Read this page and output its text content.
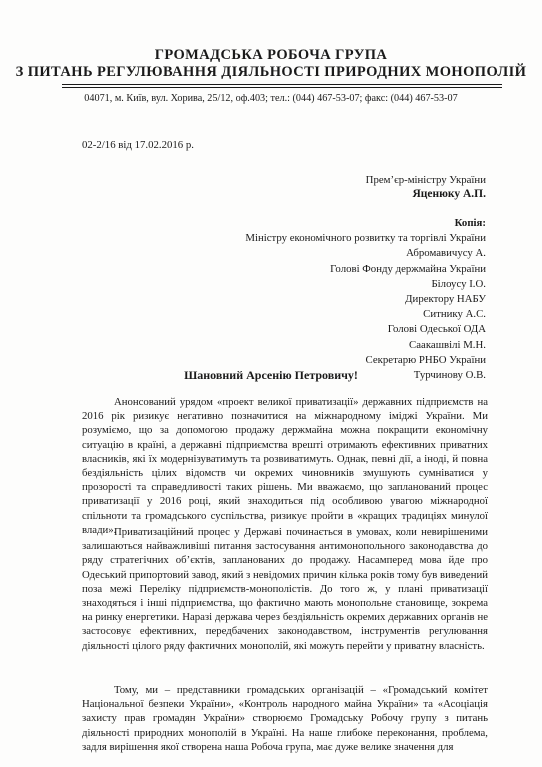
ГРОМАДСЬКА РОБОЧА ГРУПА
З ПИТАНЬ РЕГУЛЮВАННЯ ДІЯЛЬНОСТІ ПРИРОДНИХ МОНОПОЛІЙ
04071, м. Київ, вул. Хорива, 25/12, оф.403; тел.: (044) 467-53-07; факс: (044) 467-53-07
02-2/16 від 17.02.2016 р.
Прем’єр-міністру України
Яценюку А.П.
Копія:
Міністру економічного розвитку та торгівлі України
Абромавичусу А.
Голові Фонду держмайна України
Білоусу І.О.
Директору НАБУ
Ситнику А.С.
Голові Одеської ОДА
Саакашвілі М.Н.
Секретарю РНБО України
Турчинову О.В.
Шановний Арсенію Петровичу!

Анонсований урядом «проект великої приватизації» державних підприємств на 2016 рік ризикує негативно позначитися на міжнародному іміджі України. Ми розуміємо, що за допомогою продажу держмайна можна покращити економічну ситуацію в країні, а державні підприємства врешті отримають ефективних приватних власників, які їх модернізуватимуть та розвиватимуть. Однак, певні дії, а іноді, й повна бездіяльність цілих відомств чи окремих чиновників змушують сумніватися у прозорості та справедливості таких рішень. Ми вважаємо, що запланований процес приватизації у 2016 році, який знаходиться під особливою увагою міжнародної спільноти та громадського суспільства, ризикує пройти в «кращих традиціях минулої влади».

Приватизаційний процес у Державі починається в умовах, коли невирішеними залишаються найважливіші питання застосування антимонопольного законодавства до ряду стратегічних об’єктів, запланованих до продажу. Насамперед мова йде про Одеський припортовий завод, який з невідомих причин кілька років тому був виведений поза межі Переліку підприємств-монополістів. До того ж, у плані приватизації знаходяться і інші підприємства, що фактично мають монопольне становище, зокрема на ринку енергетики. Наразі держава через бездіяльність окремих державних органів не застосовує ефективних, передбачених законодавством, інструментів регулювання діяльності цілого ряду фактичних монополій, які можуть перейти у приватну власність.

Тому, ми – представники громадських організацій – «Громадський комітет Національної безпеки України», «Контроль народного майна України» та «Асоціація захисту прав громадян України» створюємо Громадську Робочу групу з питань діяльності природних монополій в Україні. На наше глибоке переконання, проблема, задля вирішення якої створена наша Робоча група, має дуже велике значення для
